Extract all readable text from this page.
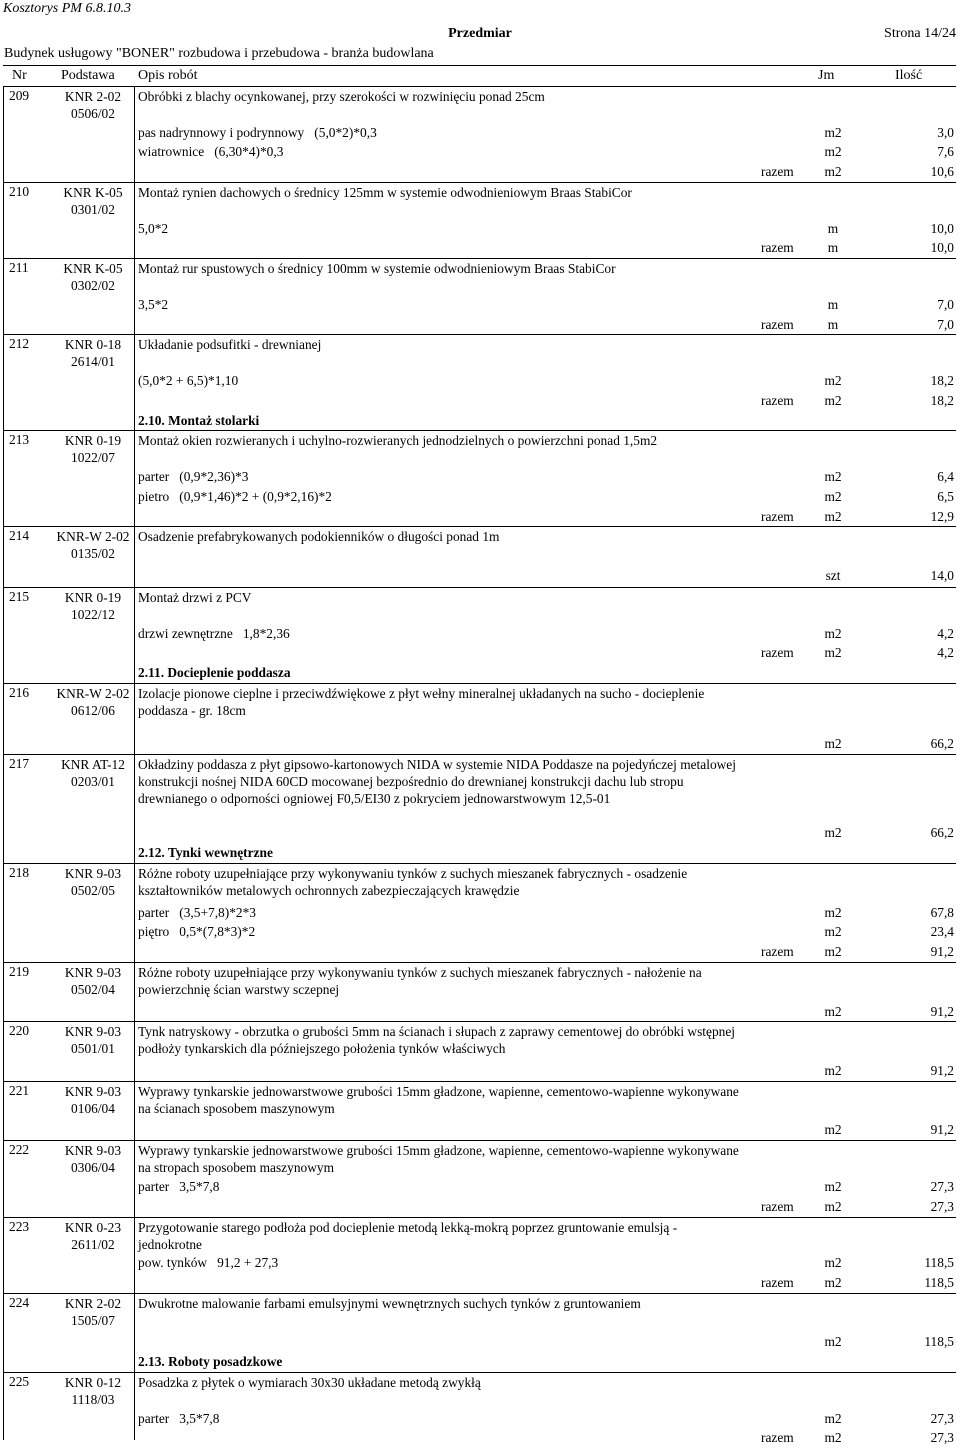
Kosztorys PM 6.8.10.3
Przedmiar	Strona 14/24
Budynek usługowy "BONER" rozbudowa i przebudowa - branża budowlana
Nr Podstawa Opis robót	Jm	Ilość
209	KNR 2-02
0506/02
Obróbki z blachy ocynkowanej, przy szerokości w rozwinięciu ponad 25cm
pas nadrynnowy i podrynnowy   (5,0*2)*0,3	m2	3,0
wiatrownice   (6,30*4)*0,3	m2	7,6
razem	m2	10,6
210	KNR K-05
0301/02
Montaż rynien dachowych o średnicy 125mm w systemie odwodnieniowym Braas StabiCor
5,0*2	m	10,0
razem	m	10,0
211	KNR K-05
0302/02
Montaż rur spustowych o średnicy 100mm w systemie odwodnieniowym Braas StabiCor
3,5*2	m	7,0
razem	m	7,0
212	KNR 0-18
2614/01
Układanie podsufitki - drewnianej
(5,0*2 + 6,5)*1,10	m2	18,2
razem	m2	18,2
2.10. Montaż stolarki
213	KNR 0-19
1022/07
Montaż okien rozwieranych i uchylno-rozwieranych jednodzielnych o powierzchni ponad 1,5m2
parter   (0,9*2,36)*3	m2	6,4
pietro   (0,9*1,46)*2 + (0,9*2,16)*2	m2	6,5
razem	m2	12,9
214	KNR-W 2-02
0135/02
Osadzenie prefabrykowanych podokienników o długości ponad 1m
szt	14,0
215	KNR 0-19
1022/12
Montaż drzwi z PCV
drzwi zewnętrzne   1,8*2,36	m2	4,2
razem	m2	4,2
2.11. Docieplenie poddasza
216	KNR-W 2-02
0612/06
Izolacje pionowe cieplne i przeciwdźwiękowe z płyt wełny mineralnej układanych na sucho - docieplenie
poddasza - gr. 18cm
m2	66,2
217	KNR AT-12
0203/01
Okładziny poddasza z płyt gipsowo-kartonowych NIDA w systemie NIDA Poddasze na pojedyńczej metalowej
konstrukcji nośnej NIDA 60CD mocowanej bezpośrednio do drewnianej konstrukcji dachu lub stropu
drewnianego o odporności ogniowej F0,5/EI30 z pokryciem jednowarstwowym 12,5-01
m2	66,2
2.12. Tynki wewnętrzne
218	KNR 9-03
0502/05
Różne roboty uzupełniające przy wykonywaniu tynków z suchych mieszanek fabrycznych - osadzenie
kształtowników metalowych ochronnych zabezpieczających krawędzie
parter   (3,5+7,8)*2*3	m2	67,8
piętro   0,5*(7,8*3)*2	m2	23,4
razem	m2	91,2
219	KNR 9-03
0502/04
Różne roboty uzupełniające przy wykonywaniu tynków z suchych mieszanek fabrycznych - nałożenie na
powierzchnię ścian warstwy sczepnej
m2	91,2
220	KNR 9-03
0501/01
Tynk natryskowy - obrzutka o grubości 5mm na ścianach i słupach z zaprawy cementowej do obróbki wstępnej
podłoży tynkarskich dla późniejszego położenia tynków właściwych
m2	91,2
221	KNR 9-03
0106/04
Wyprawy tynkarskie jednowarstwowe grubości 15mm gładzone, wapienne, cementowo-wapienne wykonywane
na ścianach sposobem maszynowym
m2	91,2
222	KNR 9-03
0306/04
Wyprawy tynkarskie jednowarstwowe grubości 15mm gładzone, wapienne, cementowo-wapienne wykonywane
na stropach sposobem maszynowym
parter   3,5*7,8	m2	27,3
razem	m2	27,3
223	KNR 0-23
2611/02
Przygotowanie starego podłoża pod docieplenie metodą lekką-mokrą poprzez gruntowanie emulsją -
jednokrotne
pow. tynków   91,2 + 27,3	m2	118,5
razem	m2	118,5
224	KNR 2-02
1505/07
Dwukrotne malowanie farbami emulsyjnymi wewnętrznych suchych tynków z gruntowaniem
m2	118,5
2.13. Roboty posadzkowe
225	KNR 0-12
1118/03
Posadzka z płytek o wymiarach 30x30 układane metodą zwykłą
parter   3,5*7,8	m2	27,3
razem	m2	27,3
